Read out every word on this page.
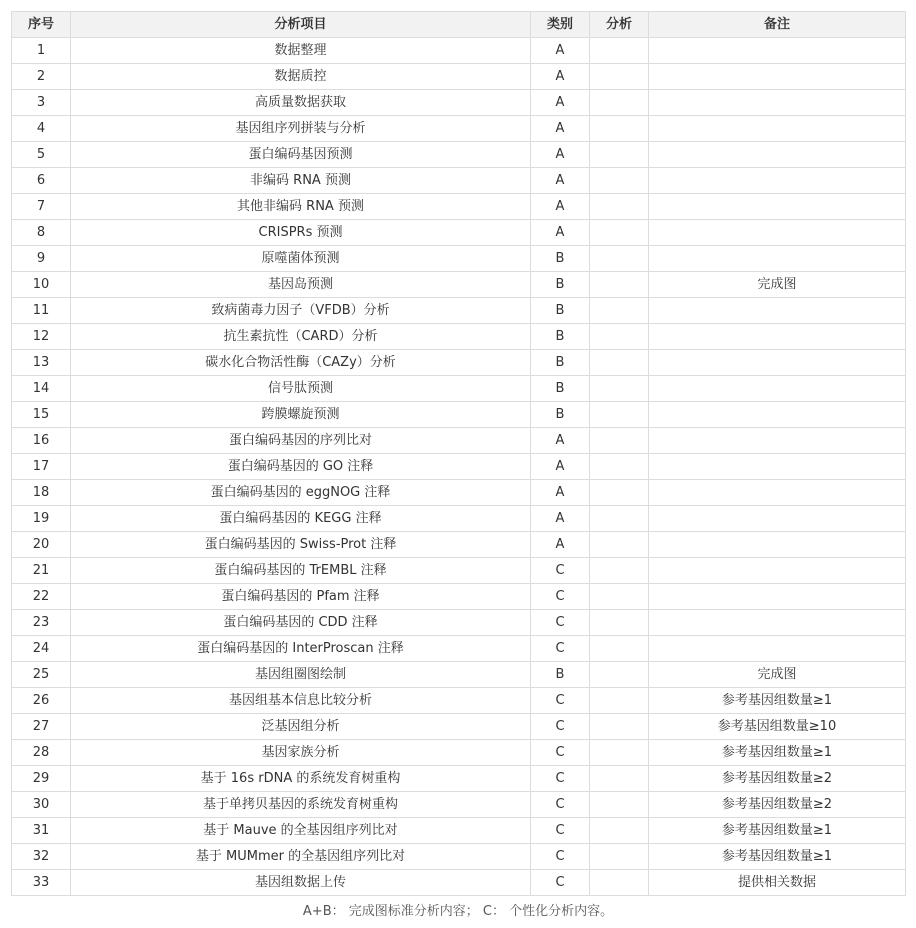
序号	分析项目	类别	分析	备注
1	数据整理	A		
2	数据质控	A		
3	高质量数据获取	A		
4	基因组序列拼装与分析	A		
5	蛋白编码基因预测	A		
6	非编码 RNA 预测	A		
7	其他非编码 RNA 预测	A		
8	CRISPRs 预测	A		
9	原噬菌体预测	B		
10	基因岛预测	B		完成图
11	致病菌毒力因子（VFDB）分析	B		
12	抗生素抗性（CARD）分析	B		
13	碳水化合物活性酶（CAZy）分析	B		
14	信号肽预测	B		
15	跨膜螺旋预测	B		
16	蛋白编码基因的序列比对	A		
17	蛋白编码基因的 GO 注释	A		
18	蛋白编码基因的 eggNOG 注释	A		
19	蛋白编码基因的 KEGG 注释	A		
20	蛋白编码基因的 Swiss-Prot 注释	A		
21	蛋白编码基因的 TrEMBL 注释	C		
22	蛋白编码基因的 Pfam 注释	C		
23	蛋白编码基因的 CDD 注释	C		
24	蛋白编码基因的 InterProscan 注释	C		
25	基因组圈图绘制	B		完成图
26	基因组基本信息比较分析	C		参考基因组数量≥1
27	泛基因组分析	C		参考基因组数量≥10
28	基因家族分析	C		参考基因组数量≥1
29	基于 16s rDNA 的系统发育树重构	C		参考基因组数量≥2
30	基于单拷贝基因的系统发育树重构	C		参考基因组数量≥2
31	基于 Mauve 的全基因组序列比对	C		参考基因组数量≥1
32	基于 MUMmer 的全基因组序列比对	C		参考基因组数量≥1
33	基因组数据上传	C		提供相关数据
A+B： 完成图标准分析内容； C： 个性化分析内容。
